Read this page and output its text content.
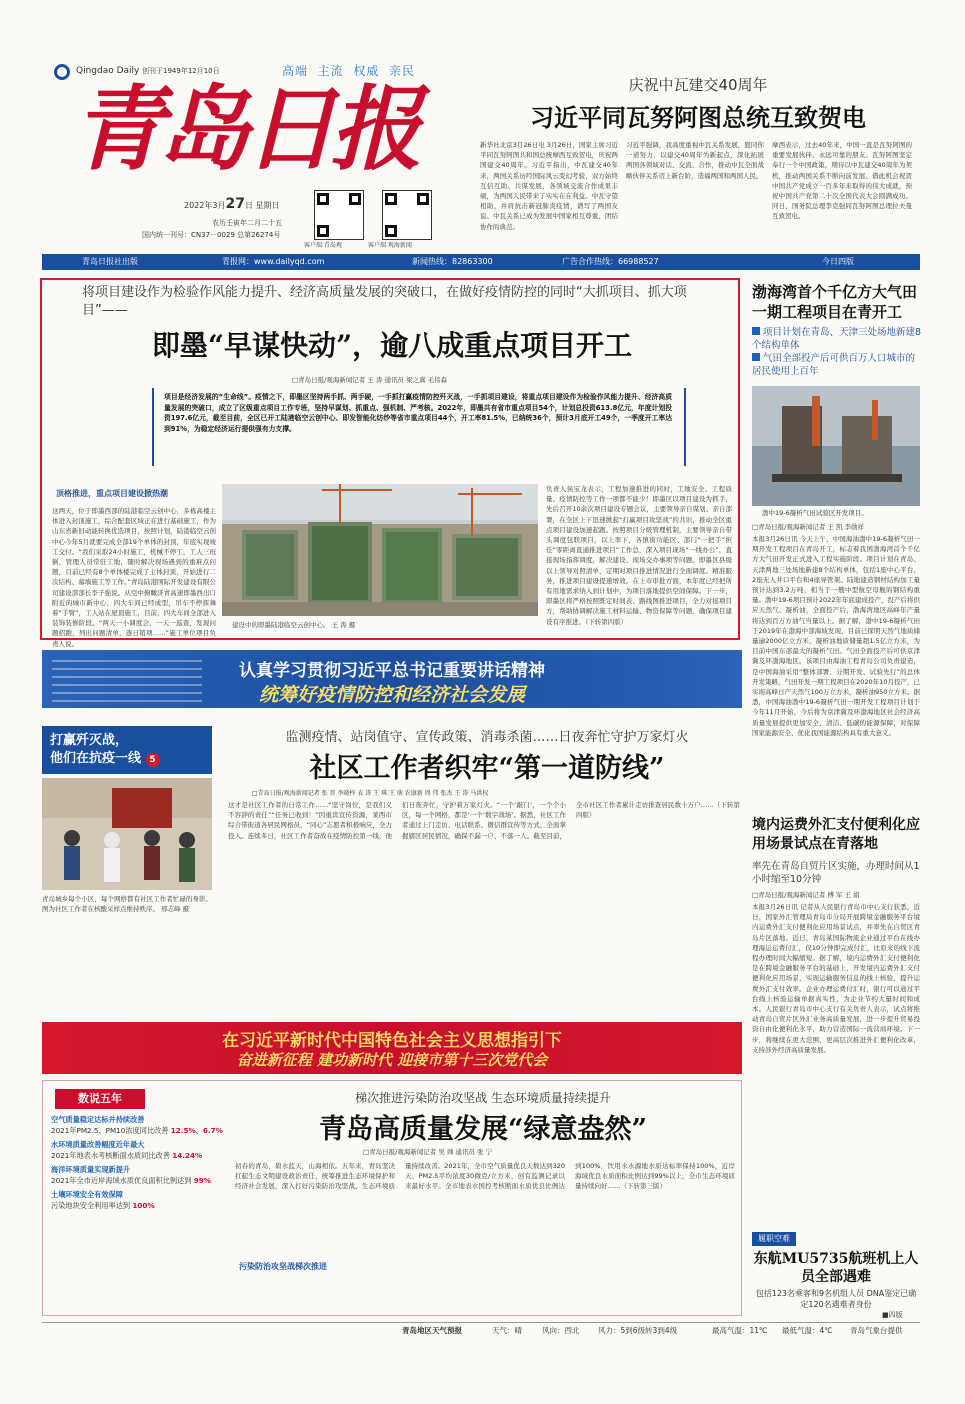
Qingdao Daily 创刊于1949年12月10日	高端 主流 权威 亲民
青岛日报
2022年3月27日 星期日
农历壬寅年二月二十五
国内统一刊号：CN37－0029 总第26274号
客户端 青岛观	客户端 观海新闻
庆祝中瓦建交40周年
习近平同瓦努阿图总统互致贺电
新华社北京3月26日电 3月26日，国家主席习近平同瓦努阿图共和国总统摩西互致贺电，庆祝两国建交40周年。习近平指出，中瓦建交40年来，两国关系历经国际风云变幻考验，双方始终互信互助、共谋发展，各领域交流合作成果丰硕，为两国人民带来了实实在在利益。中瓦守望相助，并肩抗击新冠肺炎疫情，谱写了两国友谊、中瓦关系已成为发展中国家相互尊重、团结协作的典范。
习近平强调，我高度重视中瓦关系发展，愿同你一道努力，以建交40周年为新起点，深化拓展两国各领域对话、交流、合作，推动中瓦全面战略伙伴关系迈上新台阶，造福两国和两国人民。
摩西表示，过去40年来，中国一直是瓦努阿图的重要发展伙伴、永远可靠的朋友。瓦努阿图坚定奉行一个中国政策，期待以中瓦建交40周年为契机，推动两国关系不断向前发展。借此机会祝贺中国共产党成立一百多年来取得的伟大成就，预祝中国共产党第二十次全国代表大会圆满成功。同日，国务院总理李克强同瓦努阿图总理拉夫曼互致贺电。
青岛日报社出版	青报网：www.dailyqd.com	新闻热线：82863300	广告合作热线：66988527	今日四版
将项目建设作为检验作风能力提升、经济高质量发展的突破口，在做好疫情防控的同时“大抓项目、抓大项目”——
即墨“早谋快动”，逾八成重点项目开工
□青岛日报/观海新闻记者 王 涛 通讯员 梁之嵩 毛伟森
项目是经济发展的“生命线”。疫情之下，即墨区坚持两手抓、两手硬，一手抓打赢疫情防控歼灭战，一手抓项目建设，将重点项目建设作为检验作风能力提升、经济高质量发展的突破口，成立了区级重点项目工作专班，坚持早谋划、抓重点、强机制、严考核。2022年，即墨共有省市重点项目54个，计划总投资613.8亿元，年度计划投资197.6亿元，截至目前，全区已开工陆港临空云创中心、即发智能化纺纱等省市重点项目44个，开工率81.5%，已纳统36个，预计3月底开工49个，一季度开工率达到91%，为稳定经济运行提供强有力支撑。
顶格推进，重点项目建设掀热潮
这两天，位于即墨西部的陆港临空云创中心，多栋高楼主体进入封顶施工，综合配套区域正在进行基础施工，作为山东省新旧动能转换优选项目，按照计划，陆港临空云创中心今年5月就要完成全部19个单体的封顶，年底实现竣工交付。“我们采取24小时施工，机械不停工，工人三班倒，管理人员常驻工地，随时解决现场遇到的重难点问题，目前已经有8个单体楼完成了主体封顶，开始进行二次结构、幕墙施工等工作。”青岛陆港国际开发建设有限公司建设部部长李子强说。从空中俯瞰济青高速即墨西出口附近的城市新中心，四大车间已经成型，吊车不停挥舞着“手臂”，工人站在屋顶施工，目前，四大车间全部进入装饰装修阶段。“两天一小调度会，一天一巡查，发现问题招跑，列出问题清单，逐日销项……”施工单位项目负责人说。
建设中的即墨陆港临空云创中心。 王 涛 摄
负责人侯宝龙表示，工程加速推进的同时，工地安全、工程质量、疫情防控等工作一项都不能少！即墨区以项目建设为抓手，先后召开10余次项目建设专题会议，主要领导亲自谋划、亲自部署，在全区上下迅速掀起“打赢项目攻坚战”的共识，推动全区重点项目建设加速起跑。按照项目分级管理机制，主要领导亲自带头调度包联项目，以上率下，各镇街功能区、部门“一把手”担任“零距离直通推进项目”工作总，深入项目现场“一线办公”，直接现场指挥调度，解决建设、现场交办事项等问题。即墨区县级以上领导对照清单，定期对项目推进情况进行全面调度。精准服务，推进项目建设提速增效。在上市审批方面，本年度已经把所有用地需求纳入到计划中，为项目落地提供空间保障。下一步，即墨区将严格按照既定时间表、路线图推进项目，全力对接项目方，帮助协调解决施工材料运输、物资保障等问题，确保项目建设有序推进。（下转第四版）
渤海湾首个千亿方大气田一期工程项目在青开工
项目计划在青岛、天津三处场地新建8个结构单体
气田全部投产后可供百万人口城市的居民使用上百年
渤中19-6凝析气田试验区开发项目。
□青岛日报/观海新闻记者 王 凯 李勋祥
本报3月26日讯 今天上午，中国海油渤中19-6凝析气田一期开发工程项目在青岛开工，标志着我国渤海湾首个千亿方大气田开发正式进入工程实施阶段。项目计划在青岛、天津两地三处场地新建8个结构单体，包括1座中心平台、2座无人井口平台和4座导管架。陆地建造钢材结构加工量预计达到3.2万吨，相当于一艘中型航空母舰的钢结构重量。渤中19-6项目预计2022年年底建成投产，投产后将供应天然气、凝析油，全面投产后，渤海湾地区高峰年产量将达到百万方油气当量以上。据了解，渤中19-6凝析气田于2019年在渤海中部海域发现，目前已探明天然气地质储量逾2000亿立方米，凝析油地质储量超1.5亿立方米，为目前中国东部最大的凝析气田。气田全面投产后可供京津冀及环渤海地区。该项目由海油工程青岛公司负责建造，是中国海油采用“整体部署、分期开发、试验先行”的总体开发策略，气田开发一期工程项目在2020年10月投产，已实现高峰日产天然气100万立方米，凝析油950立方米。据悉，中国海油渤中19-6凝析气田一期开发工程项目计划于今年11月开始，今后将为京津冀及环渤海地区社会经济高质量发展提供更加安全、清洁、低碳的能源保障，对保障国家能源安全、优化我国能源结构具有重大意义。
认真学习贯彻习近平总书记重要讲话精神
统筹好疫情防控和经济社会发展
打赢歼灭战，
他们在抗疫一线 5
青岛城乡每个小区，每个网格都有社区工作者忙碌的身影。图为社区工作者在核酸采样点维持秩序。 邢志峰 摄
监测疫情、站岗值守、宣传政策、消毒杀菌……日夜奔忙守护万家灯火
社区工作者织牢“第一道防线”
□青岛日报/观海新闻记者 张 晋 李晓梓 衣 涛 王 琪 王 萌 农康新 周 伟 张杰 王 涛 马洪权
这才是社区工作者的日常工作……“坚守岗位，是我们义不容辞的责任”“任务已收到！”因重宾宣传资源，莱西市综合带街道各居民网格员、“同心”志愿者积极响应，全力投入。连续多日，社区工作者奋战在疫情防控第一线，他们日夜奔忙，守护着万家灯火。“一个‘敲门’，一个个小区，每一个网格，都是‘一个‘数字战场’。据悉，社区工作者通过上门走访、电话联系、微信群宣传等方式，全面掌握辖区居民情况，确保不漏一户、不落一人。截至目前，全市社区工作者累计走访排查居民数十万户……（下转第四版）
境内运费外汇支付便利化应用场景试点在青落地
率先在青岛自贸片区实施，办理时间从1小时缩至10分钟
□青岛日报/观海新闻记者 傅 军 王 娟
本报3月26日讯 记者从人民银行青岛市中心支行获悉，近日，国家外汇管理局青岛市分局开展跨境金融服务平台境内运费外汇支付便利化应用场景试点，并率先在自贸区青岛片区落地。近日，青岛某国际物流企业通过平台在线办理海运运费付汇，仅10分钟即完成付汇，比原来的线下流程办理时间大幅缩短。据了解，境内运费外汇支付便利化是在跨境金融服务平台的基础上，开发境内运费外汇支付便利化应用场景，实现运输服务信息的线上核验，提升运费外汇支付效率。企业办理运费付汇时，银行可以通过平台线上核验运输单据真实性，为企业节约大量时间和成本。人民银行青岛市中心支行有关负责人表示，试点将推动青岛自贸片区外汇业务高质量发展，进一步提升贸易投资自由化便利化水平，助力营造国际一流营商环境。下一步，将继续在更大范围、更高层次推进外汇便利化改革，支持涉外经济高质量发展。
在习近平新时代中国特色社会主义思想指引下
奋进新征程 建功新时代 迎接市第十三次党代会
数说五年
空气质量稳定达标并持续改善
2021年PM2.5、PM10浓度同比改善 12.5%、6.7%
水环境质量改善幅度近年最大
2021年地表水考核断面水质同比改善 14.24%
海洋环境质量实现新提升
2021年全市近岸海域水质优良面积比例达到 99%
土壤环境安全有效保障
污染地块安全利用率达到 100%
梯次推进污染防治攻坚战 生态环境质量持续提升
青岛高质量发展“绿意盎然”
□青岛日报/观海新闻记者 吴 帅 通讯员 张 宁
污染防治攻坚战梯次推进
初春的青岛，碧水蓝天，山海相依。五年来，青岛坚决扛起生态文明建设政治责任，统筹推进生态环境保护和经济社会发展，深入打好污染防治攻坚战，生态环境质量持续改善。2021年，全市空气质量优良天数达到320天，PM2.5平均浓度30微克/立方米，创有监测记录以来最好水平。全市地表水国控考核断面水质优良比例达到100%，饮用水水源地水质达标率保持100%，近岸海域优良水质面积比例达到99%以上，全市生态环境质量持续向好……（下转第三版）
履职空难
东航MU5735航班机上人员全部遇难
包括123名乘客和9名机组人员 DNA鉴定已确定120名遇难者身份
■四版
青岛地区天气预报	天气：晴	风向：西北 风力：5到6级转3到4级	最高气温：11℃ 最低气温：4℃ 青岛气象台提供
